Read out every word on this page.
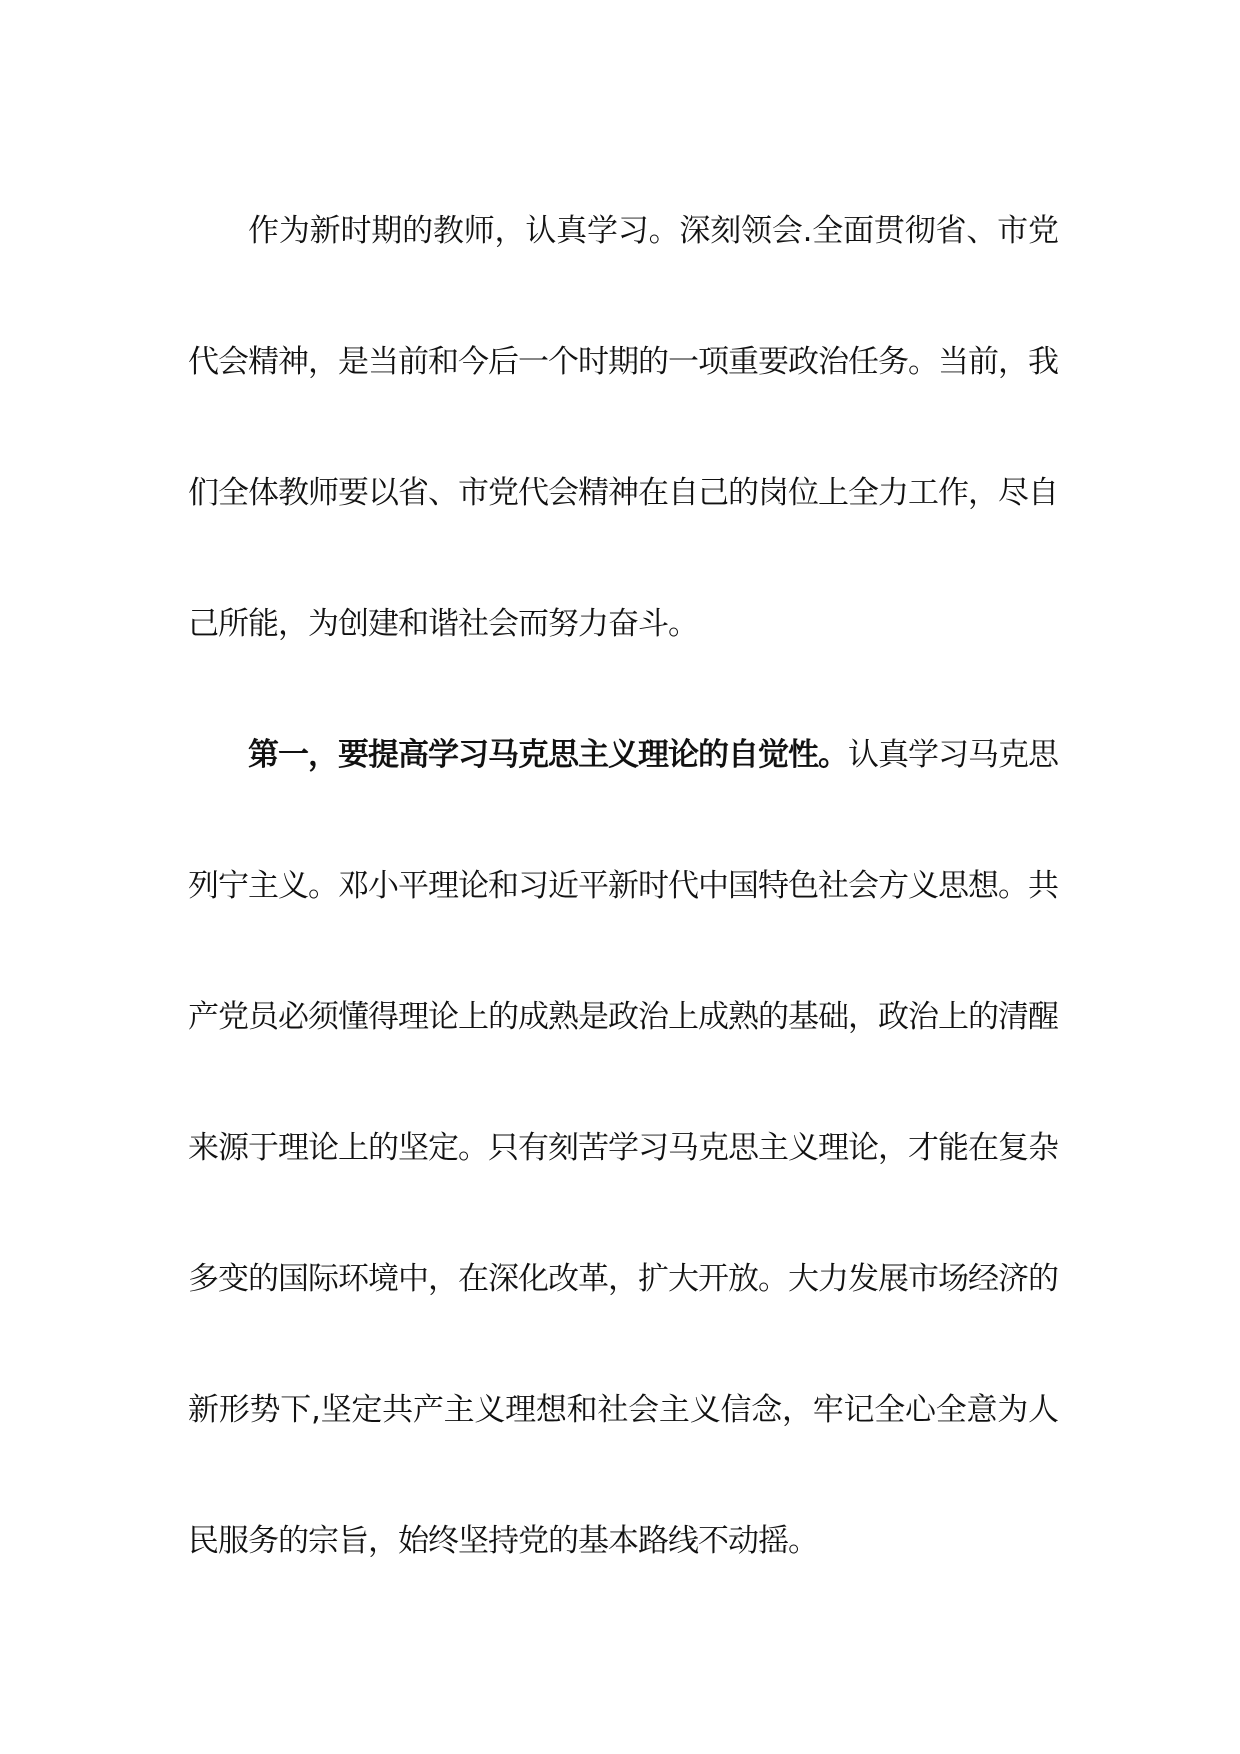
作为新时期的教师，认真学习。深刻领会.全面贯彻省、市党代会精神，是当前和今后一个时期的一项重要政治任务。当前，我们全体教师要以省、市党代会精神在自己的岗位上全力工作，尽自己所能，为创建和谐社会而努力奋斗。

第一，要提高学习马克思主义理论的自觉性。认真学习马克思列宁主义。邓小平理论和习近平新时代中国特色社会方义思想。共产党员必须懂得理论上的成熟是政治上成熟的基础，政治上的清醒来源于理论上的坚定。只有刻苦学习马克思主义理论，才能在复杂多变的国际环境中，在深化改革，扩大开放。大力发展市场经济的新形势下,坚定共产主义理想和社会主义信念，牢记全心全意为人民服务的宗旨，始终坚持党的基本路线不动摇。
